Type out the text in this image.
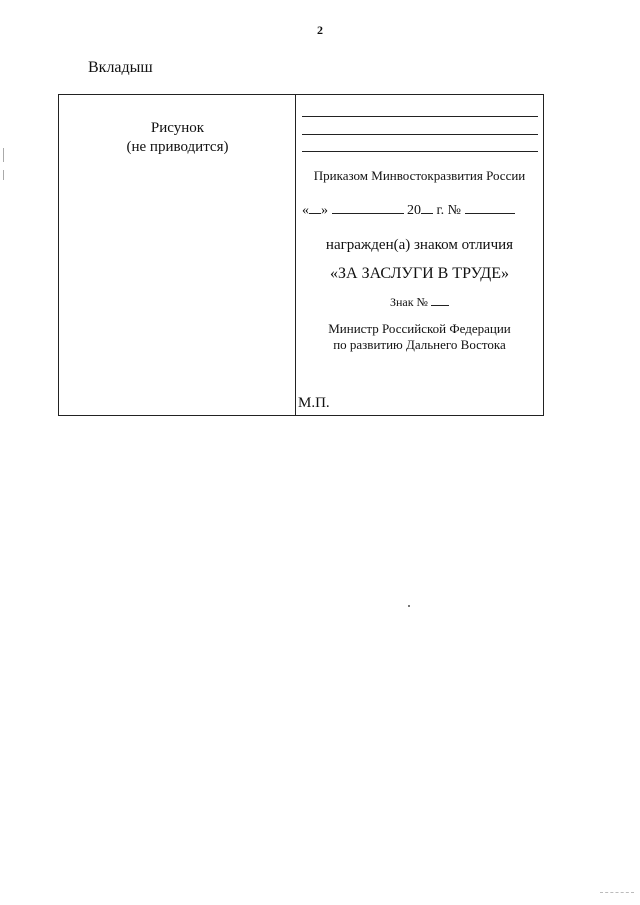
2
Вкладыш
Рисунок
(не приводится)
Приказом Минвостокразвития России
« »	20 г. №
награжден(а) знаком отличия
«ЗА ЗАСЛУГИ В ТРУДЕ»
Знак №
Министр Российской Федерации
по развитию Дальнего Востока
М.П.
